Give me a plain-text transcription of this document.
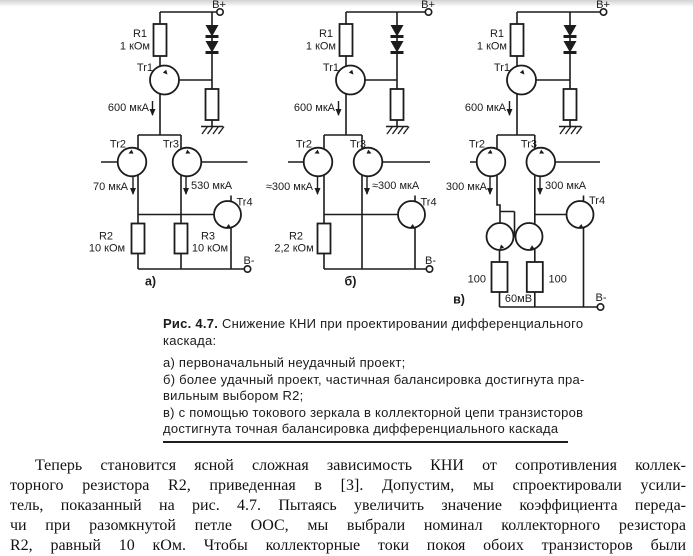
B+
R1
1 кОм
Tr1
600 мкА
Tr2	Tr3
70 мкА	530 мкА
Tr4
R2
10 кОм
R3
10 кОм
B-
а)
B+
R1
1 кОм
Tr1
600 мкА
Tr2	Tr3
≈300 мкА	≈300 мкА
Tr4
R2
2,2 кОм
B-
б)
B+
R1
1 кОм
Tr1
600 мкА
Tr2	Tr3
300 мкА	300 мкА
Tr4
100	100
60мВ	B-
в)
Рис. 4.7. Снижение КНИ при проектировании дифференциального
каскада:
а) первоначальный неудачный проект;
б) более удачный проект, частичная балансировка достигнута пра-
вильным выбором R2;
в) с помощью токового зеркала в коллекторной цепи транзисторов
достигнута точная балансировка дифференциального каскада
Теперь становится ясной сложная зависимость КНИ от сопротивления коллек-
торного резистора R2, приведенная в [3]. Допустим, мы спроектировали усили-
тель, показанный на рис. 4.7. Пытаясь увеличить значение коэффициента переда-
чи при разомкнутой петле ООС, мы выбрали номинал коллекторного резистора
R2, равный 10 кОм. Чтобы коллекторные токи покоя обоих транзисторов были
